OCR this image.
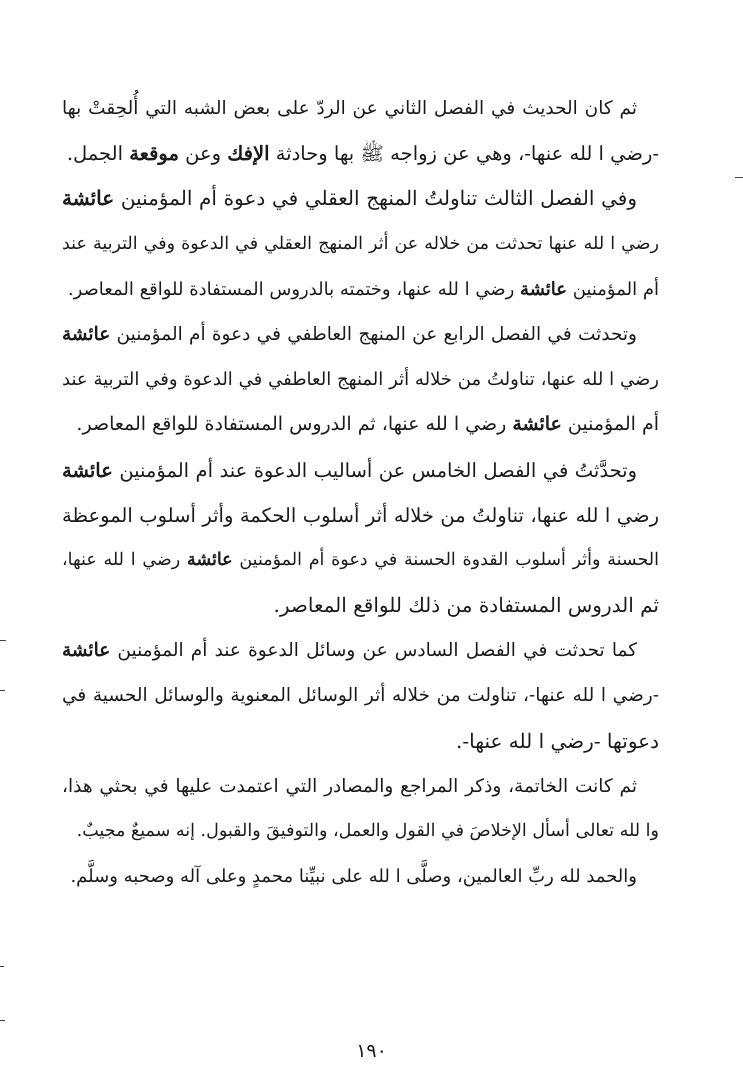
ثم كان الحديث في الفصل الثاني عن الردّ على بعض الشبه التي أُلحِقتْ بها
-رضي ا لله عنها-، وهي عن زواجه ﷺ بها وحادثة الإفك وعن موقعة الجمل.
وفي الفصل الثالث تناولتُ المنهج العقلي في دعوة أم المؤمنين عائشة
رضي ا لله عنها تحدثت من خلاله عن أثر المنهج العقلي في الدعوة وفي التربية عند
أم المؤمنين عائشة رضي ا لله عنها، وختمته بالدروس المستفادة للواقع المعاصر.
وتحدثت في الفصل الرابع عن المنهج العاطفي في دعوة أم المؤمنين عائشة
رضي ا لله عنها، تناولتُ من خلاله أثر المنهج العاطفي في الدعوة وفي التربية عند
أم المؤمنين عائشة رضي ا لله عنها، ثم الدروس المستفادة للواقع المعاصر.
وتحدَّثتُ في الفصل الخامس عن أساليب الدعوة عند أم المؤمنين عائشة
رضي ا لله عنها، تناولتُ من خلاله أثر أسلوب الحكمة وأثر أسلوب الموعظة
الحسنة وأثر أسلوب القدوة الحسنة في دعوة أم المؤمنين عائشة رضي ا لله عنها،
ثم الدروس المستفادة من ذلك للواقع المعاصر.
كما تحدثت في الفصل السادس عن وسائل الدعوة عند أم المؤمنين عائشة
-رضي ا لله عنها-، تناولت من خلاله أثر الوسائل المعنوية والوسائل الحسية في
دعوتها -رضي ا لله عنها-.
ثم كانت الخاتمة، وذكر المراجع والمصادر التي اعتمدت عليها في بحثي هذا،
وا لله تعالى أسأل الإخلاصَ في القول والعمل، والتوفيقَ والقبول. إنه سميعٌ مجيبٌ.
والحمد لله ربِّ العالمين، وصلَّى ا لله على نبيِّنا محمدٍ وعلى آله وصحبه وسلَّم.
١٩٠
